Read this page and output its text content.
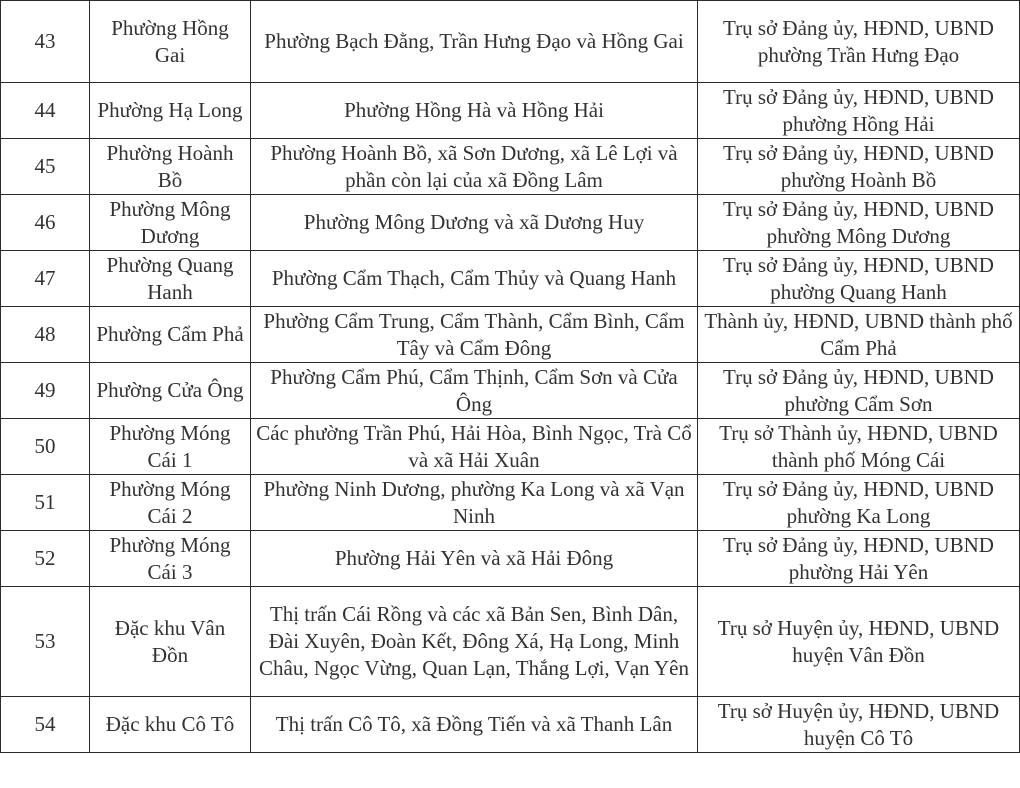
43	Phường Hồng Gai	Phường Bạch Đằng, Trần Hưng Đạo và Hồng Gai	Trụ sở Đảng ủy, HĐND, UBND phường Trần Hưng Đạo
44	Phường Hạ Long	Phường Hồng Hà và Hồng Hải	Trụ sở Đảng ủy, HĐND, UBND phường Hồng Hải
45	Phường Hoành Bồ	Phường Hoành Bồ, xã Sơn Dương, xã Lê Lợi và phần còn lại của xã Đồng Lâm	Trụ sở Đảng ủy, HĐND, UBND phường Hoành Bồ
46	Phường Mông Dương	Phường Mông Dương và xã Dương Huy	Trụ sở Đảng ủy, HĐND, UBND phường Mông Dương
47	Phường Quang Hanh	Phường Cẩm Thạch, Cẩm Thủy và Quang Hanh	Trụ sở Đảng ủy, HĐND, UBND phường Quang Hanh
48	Phường Cẩm Phả	Phường Cẩm Trung, Cẩm Thành, Cẩm Bình, Cẩm Tây và Cẩm Đông	Thành ủy, HĐND, UBND thành phố Cẩm Phả
49	Phường Cửa Ông	Phường Cẩm Phú, Cẩm Thịnh, Cẩm Sơn và Cửa Ông	Trụ sở Đảng ủy, HĐND, UBND phường Cẩm Sơn
50	Phường Móng Cái 1	Các phường Trần Phú, Hải Hòa, Bình Ngọc, Trà Cổ và xã Hải Xuân	Trụ sở Thành ủy, HĐND, UBND thành phố Móng Cái
51	Phường Móng Cái 2	Phường Ninh Dương, phường Ka Long và xã Vạn Ninh	Trụ sở Đảng ủy, HĐND, UBND phường Ka Long
52	Phường Móng Cái 3	Phường Hải Yên và xã Hải Đông	Trụ sở Đảng ủy, HĐND, UBND phường Hải Yên
53	Đặc khu Vân Đồn	Thị trấn Cái Rồng và các xã Bản Sen, Bình Dân, Đài Xuyên, Đoàn Kết, Đông Xá, Hạ Long, Minh Châu, Ngọc Vừng, Quan Lạn, Thắng Lợi, Vạn Yên	Trụ sở Huyện ủy, HĐND, UBND huyện Vân Đồn
54	Đặc khu Cô Tô	Thị trấn Cô Tô, xã Đồng Tiến và xã Thanh Lân	Trụ sở Huyện ủy, HĐND, UBND huyện Cô Tô
